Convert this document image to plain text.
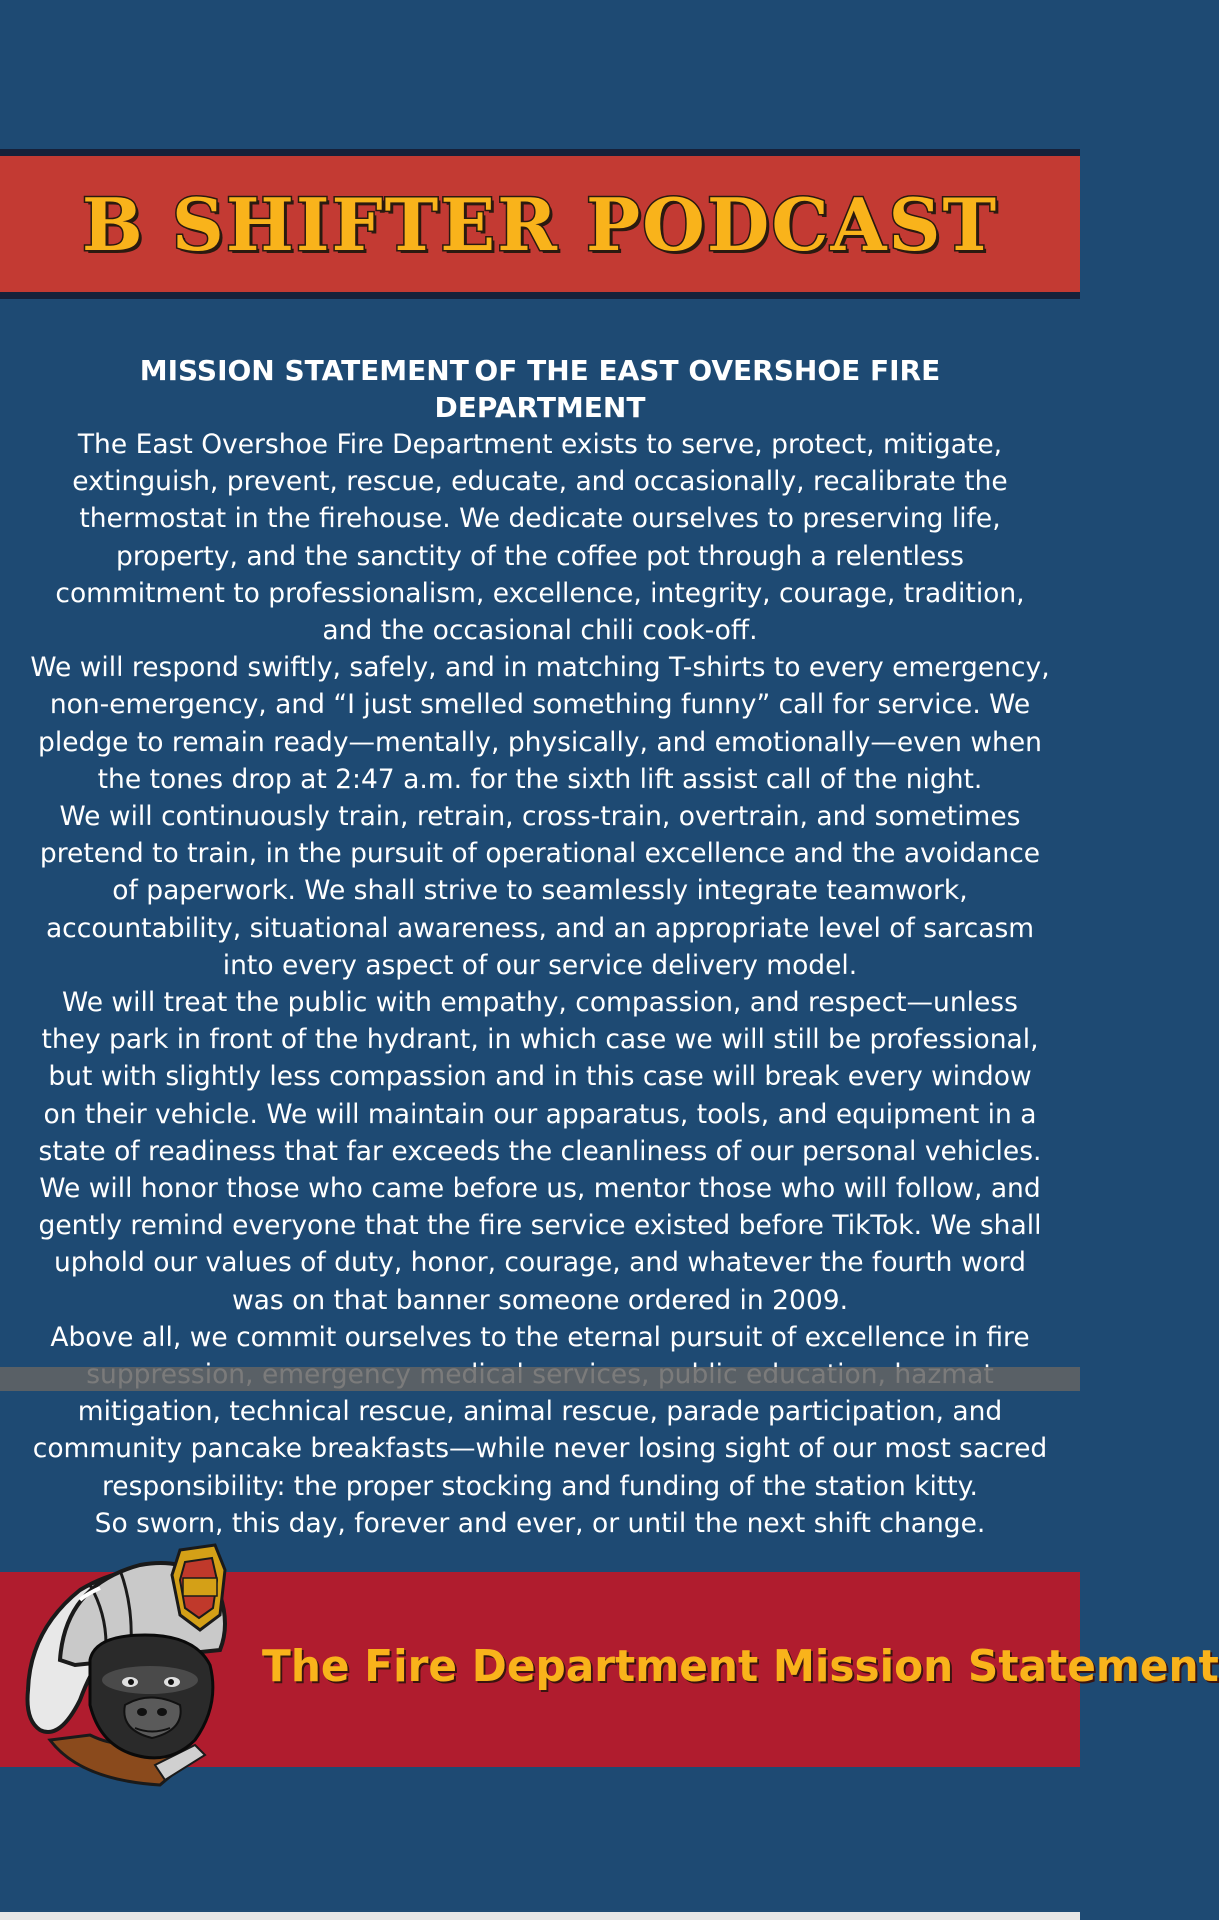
B SHIFTER PODCAST

MISSION STATEMENT OF THE EAST OVERSHOE FIRE DEPARTMENT

The East Overshoe Fire Department exists to serve, protect, mitigate, extinguish, prevent, rescue, educate, and occasionally, recalibrate the thermostat in the firehouse. We dedicate ourselves to preserving life, property, and the sanctity of the coffee pot through a relentless commitment to professionalism, excellence, integrity, courage, tradition, and the occasional chili cook-off.

We will respond swiftly, safely, and in matching T-shirts to every emergency, non-emergency, and “I just smelled something funny” call for service. We pledge to remain ready—mentally, physically, and emotionally—even when the tones drop at 2:47 a.m. for the sixth lift assist call of the night.

We will continuously train, retrain, cross-train, overtrain, and sometimes pretend to train, in the pursuit of operational excellence and the avoidance of paperwork. We shall strive to seamlessly integrate teamwork, accountability, situational awareness, and an appropriate level of sarcasm into every aspect of our service delivery model.

We will treat the public with empathy, compassion, and respect—unless they park in front of the hydrant, in which case we will still be professional, but with slightly less compassion and in this case will break every window on their vehicle. We will maintain our apparatus, tools, and equipment in a state of readiness that far exceeds the cleanliness of our personal vehicles.

We will honor those who came before us, mentor those who will follow, and gently remind everyone that the fire service existed before TikTok. We shall uphold our values of duty, honor, courage, and whatever the fourth word was on that banner someone ordered in 2009.

Above all, we commit ourselves to the eternal pursuit of excellence in fire mitigation, technical rescue, animal rescue, parade participation, and community pancake breakfasts—while never losing sight of our most sacred responsibility: the proper stocking and funding of the station kitty.

So sworn, this day, forever and ever, or until the next shift change.

The Fire Department Mission Statement
